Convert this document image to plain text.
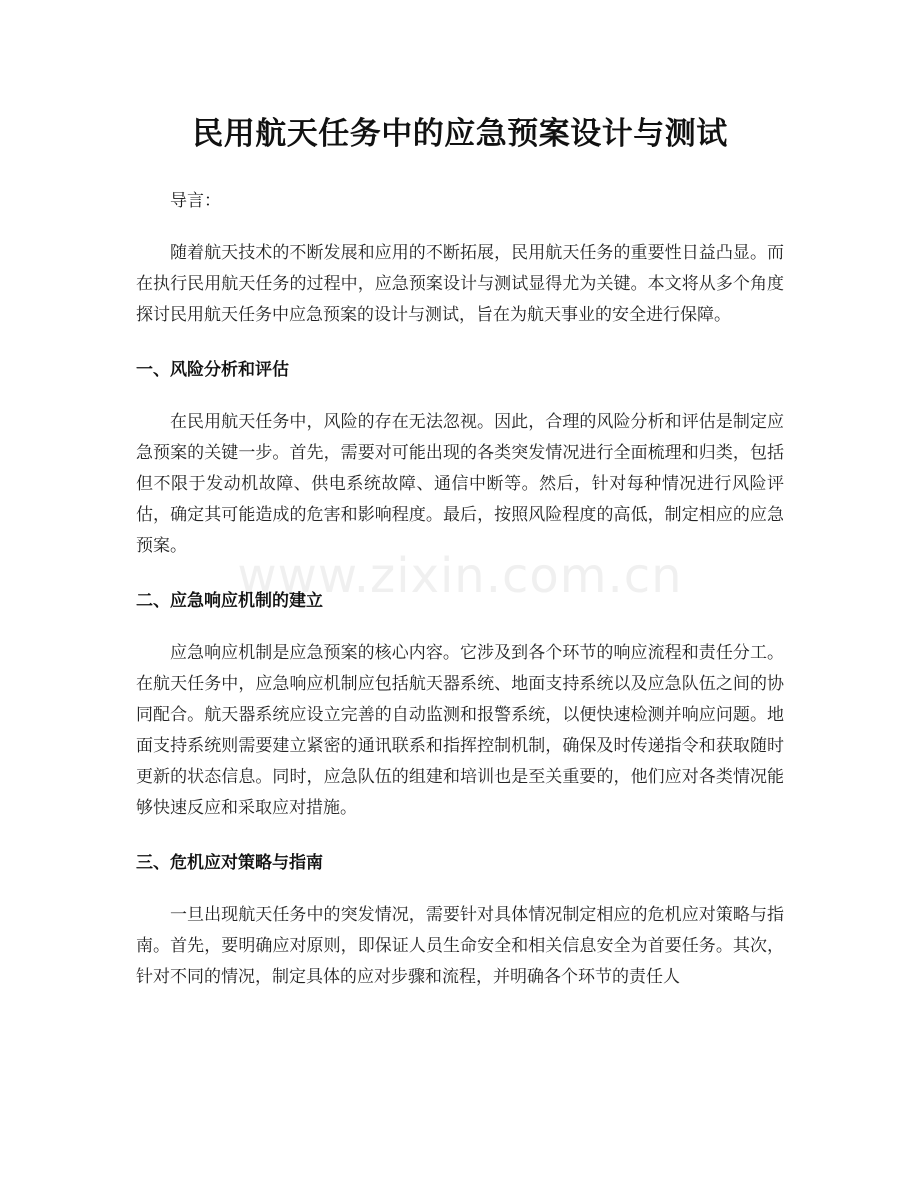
民用航天任务中的应急预案设计与测试
www.zixin.com.cn

导言：

随着航天技术的不断发展和应用的不断拓展，民用航天任务的重要性日益凸显。而在执行民用航天任务的过程中，应急预案设计与测试显得尤为关键。本文将从多个角度探讨民用航天任务中应急预案的设计与测试，旨在为航天事业的安全进行保障。

一、风险分析和评估

在民用航天任务中，风险的存在无法忽视。因此，合理的风险分析和评估是制定应急预案的关键一步。首先，需要对可能出现的各类突发情况进行全面梳理和归类，包括但不限于发动机故障、供电系统故障、通信中断等。然后，针对每种情况进行风险评估，确定其可能造成的危害和影响程度。最后，按照风险程度的高低，制定相应的应急预案。

二、应急响应机制的建立

应急响应机制是应急预案的核心内容。它涉及到各个环节的响应流程和责任分工。在航天任务中，应急响应机制应包括航天器系统、地面支持系统以及应急队伍之间的协同配合。航天器系统应设立完善的自动监测和报警系统，以便快速检测并响应问题。地面支持系统则需要建立紧密的通讯联系和指挥控制机制，确保及时传递指令和获取随时更新的状态信息。同时，应急队伍的组建和培训也是至关重要的，他们应对各类情况能够快速反应和采取应对措施。

三、危机应对策略与指南

一旦出现航天任务中的突发情况，需要针对具体情况制定相应的危机应对策略与指南。首先，要明确应对原则，即保证人员生命安全和相关信息安全为首要任务。其次，针对不同的情况，制定具体的应对步骤和流程，并明确各个环节的责任人
